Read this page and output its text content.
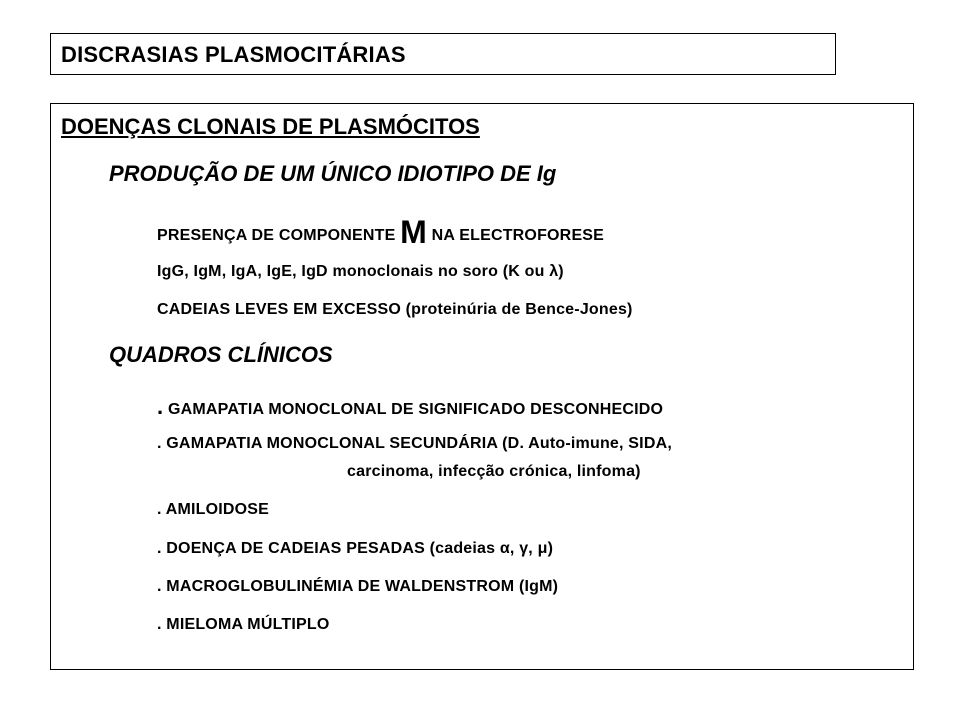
DISCRASIAS PLASMOCITÁRIAS
DOENÇAS CLONAIS DE PLASMÓCITOS
PRODUÇÃO DE UM ÚNICO IDIOTIPO DE Ig
PRESENÇA DE COMPONENTE M NA ELECTROFORESE
IgG, IgM, IgA, IgE, IgD monoclonais no soro (K ou λ)
CADEIAS LEVES EM EXCESSO (proteinúria de Bence-Jones)
QUADROS CLÍNICOS
. GAMAPATIA MONOCLONAL DE SIGNIFICADO DESCONHECIDO
. GAMAPATIA MONOCLONAL SECUNDÁRIA (D. Auto-imune, SIDA,
carcinoma, infecção crónica, linfoma)
. AMILOIDOSE
. DOENÇA DE CADEIAS PESADAS (cadeias α, γ, μ)
. MACROGLOBULINÉMIA DE WALDENSTROM (IgM)
. MIELOMA MÚLTIPLO
